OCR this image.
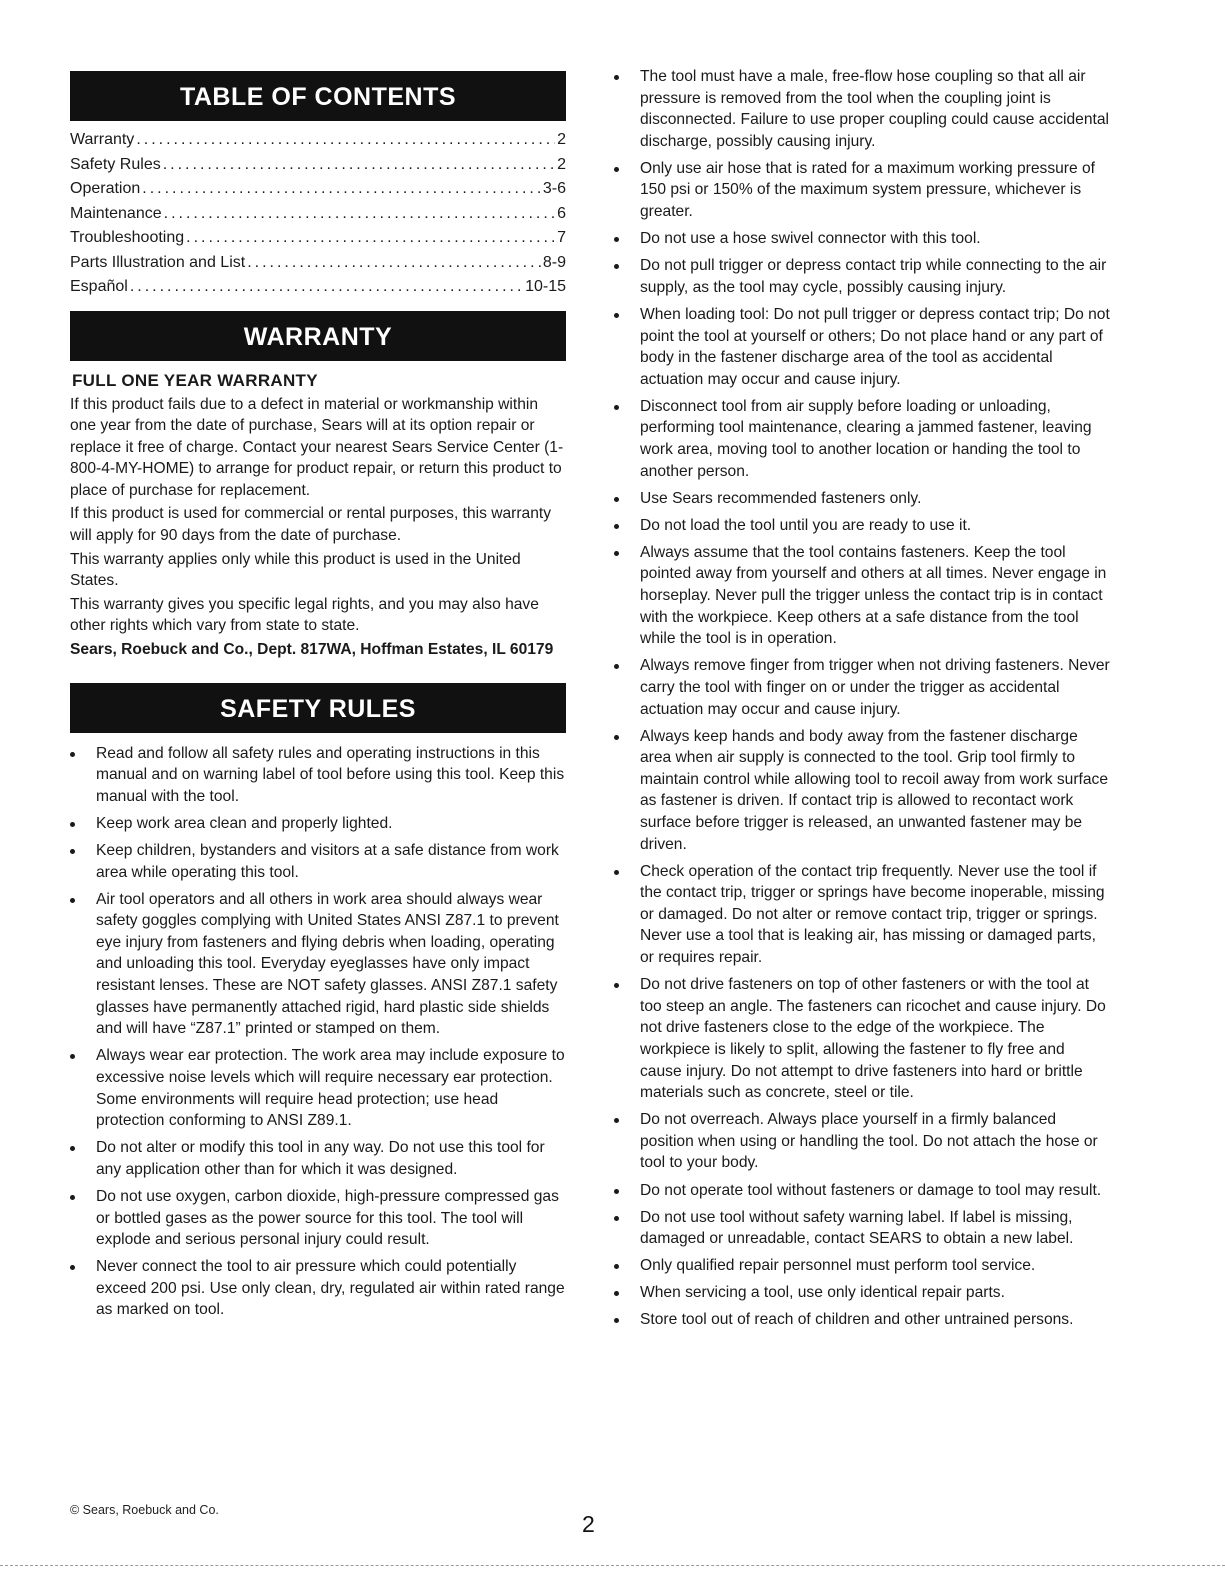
TABLE OF CONTENTS
Warranty .....	2
Safety Rules .....	2
Operation .....	3-6
Maintenance .....	6
Troubleshooting .....	7
Parts Illustration and List .....	8-9
Español .....	10-15
WARRANTY
FULL ONE YEAR WARRANTY

If this product fails due to a defect in material or workmanship within one year from the date of purchase, Sears will at its option repair or replace it free of charge. Contact your nearest Sears Service Center (1-800-4-MY-HOME) to arrange for product repair, or return this product to place of purchase for replacement.

If this product is used for commercial or rental purposes, this warranty will apply for 90 days from the date of purchase.

This warranty applies only while this product is used in the United States.

This warranty gives you specific legal rights, and you may also have other rights which vary from state to state.

Sears, Roebuck and Co., Dept. 817WA, Hoffman Estates, IL 60179

SAFETY RULES
Read and follow all safety rules and operating instructions in this manual and on warning label of tool before using this tool. Keep this manual with the tool.
Keep work area clean and properly lighted.
Keep children, bystanders and visitors at a safe distance from work area while operating this tool.
Air tool operators and all others in work area should always wear safety goggles complying with United States ANSI Z87.1 to prevent eye injury from fasteners and flying debris when loading, operating and unloading this tool. Everyday eyeglasses have only impact resistant lenses. These are NOT safety glasses. ANSI Z87.1 safety glasses have permanently attached rigid, hard plastic side shields and will have “Z87.1” printed or stamped on them.
Always wear ear protection. The work area may include exposure to excessive noise levels which will require necessary ear protection. Some environments will require head protection; use head protection conforming to ANSI Z89.1.
Do not alter or modify this tool in any way. Do not use this tool for any application other than for which it was designed.
Do not use oxygen, carbon dioxide, high-pressure compressed gas or bottled gases as the power source for this tool. The tool will explode and serious personal injury could result.
Never connect the tool to air pressure which could potentially exceed 200 psi. Use only clean, dry, regulated air within rated range as marked on tool.
The tool must have a male, free-flow hose coupling so that all air pressure is removed from the tool when the coupling joint is disconnected. Failure to use proper coupling could cause accidental discharge, possibly causing injury.
Only use air hose that is rated for a maximum working pressure of 150 psi or 150% of the maximum system pressure, whichever is greater.
Do not use a hose swivel connector with this tool.
Do not pull trigger or depress contact trip while connecting to the air supply, as the tool may cycle, possibly causing injury.
When loading tool: Do not pull trigger or depress contact trip; Do not point the tool at yourself or others; Do not place hand or any part of body in the fastener discharge area of the tool as accidental actuation may occur and cause injury.
Disconnect tool from air supply before loading or unloading, performing tool maintenance, clearing a jammed fastener, leaving work area, moving tool to another location or handing the tool to another person.
Use Sears recommended fasteners only.
Do not load the tool until you are ready to use it.
Always assume that the tool contains fasteners. Keep the tool pointed away from yourself and others at all times. Never engage in horseplay. Never pull the trigger unless the contact trip is in contact with the workpiece. Keep others at a safe distance from the tool while the tool is in operation.
Always remove finger from trigger when not driving fasteners. Never carry the tool with finger on or under the trigger as accidental actuation may occur and cause injury.
Always keep hands and body away from the fastener discharge area when air supply is connected to the tool. Grip tool firmly to maintain control while allowing tool to recoil away from work surface as fastener is driven. If contact trip is allowed to recontact work surface before trigger is released, an unwanted fastener may be driven.
Check operation of the contact trip frequently. Never use the tool if the contact trip, trigger or springs have become inoperable, missing or damaged. Do not alter or remove contact trip, trigger or springs. Never use a tool that is leaking air, has missing or damaged parts, or requires repair.
Do not drive fasteners on top of other fasteners or with the tool at too steep an angle. The fasteners can ricochet and cause injury. Do not drive fasteners close to the edge of the workpiece. The workpiece is likely to split, allowing the fastener to fly free and cause injury. Do not attempt to drive fasteners into hard or brittle materials such as concrete, steel or tile.
Do not overreach. Always place yourself in a firmly balanced position when using or handling the tool. Do not attach the hose or tool to your body.
Do not operate tool without fasteners or damage to tool may result.
Do not use tool without safety warning label. If label is missing, damaged or unreadable, contact SEARS to obtain a new label.
Only qualified repair personnel must perform tool service.
When servicing a tool, use only identical repair parts.
Store tool out of reach of children and other untrained persons.
© Sears, Roebuck and Co.
2
